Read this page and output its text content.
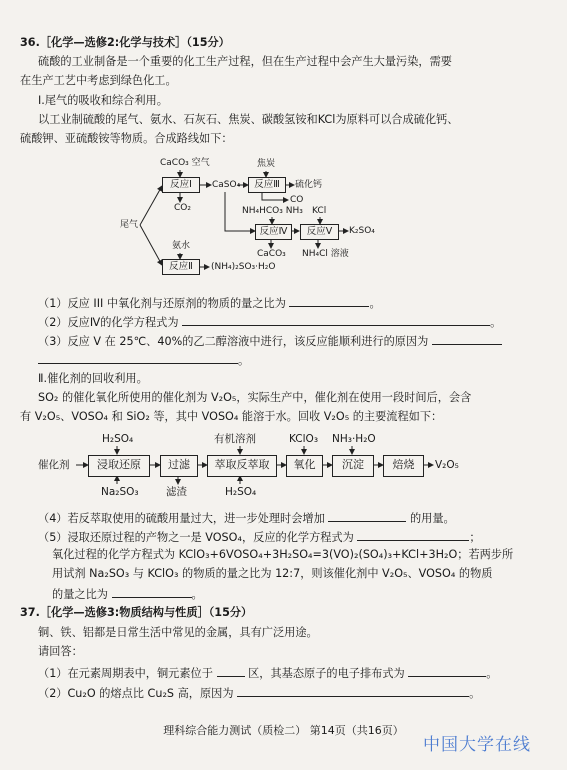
36.［化学—选修2:化学与技术］（15分）
硫酸的工业制备是一个重要的化工生产过程，但在生产过程中会产生大量污染，需要
在生产工艺中考虑到绿色化工。
Ⅰ.尾气的吸收和综合利用。
以工业制硫酸的尾气、氨水、石灰石、焦炭、碳酸氢铵和KCl为原料可以合成硫化钙、
硫酸钾、亚硫酸铵等物质。合成路线如下：
尾气
CaCO₃ 空气
反应Ⅰ
CO₂
CaSO₄
焦炭
反应Ⅲ	硫化钙
CO
NH₄HCO₃ NH₃ KCl
反应Ⅳ	反应Ⅴ	K₂SO₄
CaCO₃ NH₄Cl 溶液
氨水
反应Ⅱ	(NH₄)₂SO₃·H₂O
（1）反应 III 中氧化剂与还原剂的物质的量之比为	。
（2）反应Ⅳ的化学方程式为	。
（3）反应 V 在 25℃、40%的乙二醇溶液中进行，该反应能顺利进行的原因为
。
Ⅱ.催化剂的回收利用。
SO₂ 的催化氧化所使用的催化剂为 V₂O₅，实际生产中，催化剂在使用一段时间后，会含
有 V₂O₅、VOSO₄ 和 SiO₂ 等，其中 VOSO₄ 能溶于水。回收 V₂O₅ 的主要流程如下：
H₂SO₄	有机溶剂	KClO₃ NH₃·H₂O
催化剂	浸取还原	过滤	萃取反萃取	氧化	沉淀	焙烧	V₂O₅
Na₂SO₃	滤渣	H₂SO₄
（4）若反萃取使用的硫酸用量过大，进一步处理时会增加	的用量。
（5）浸取还原过程的产物之一是 VOSO₄，反应的化学方程式为	；
氧化过程的化学方程式为 KClO₃+6VOSO₄+3H₂SO₄=3(VO)₂(SO₄)₃+KCl+3H₂O；若两步所
用试剂 Na₂SO₃ 与 KClO₃ 的物质的量之比为 12:7，则该催化剂中 V₂O₅、VOSO₄ 的物质
的量之比为	。
37.［化学—选修3:物质结构与性质］（15分）
铜、铁、铝都是日常生活中常见的金属，具有广泛用途。
请回答：
（1）在元素周期表中，铜元素位于	区，其基态原子的电子排布式为	。
（2）Cu₂O 的熔点比 Cu₂S 高，原因为	。
理科综合能力测试（质检二） 第14页（共16页）
中国大学在线
